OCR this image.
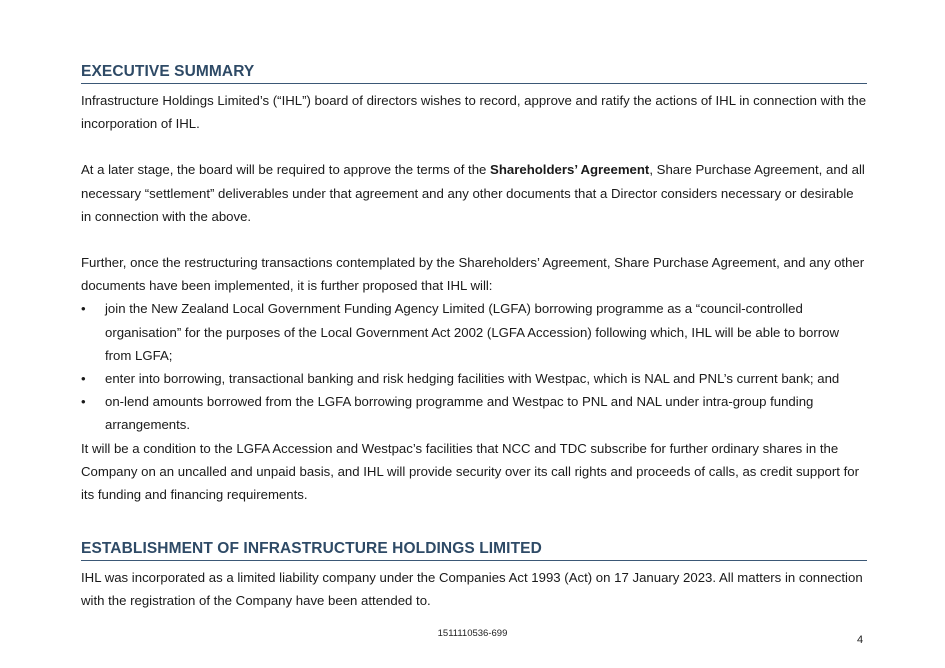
EXECUTIVE SUMMARY

Infrastructure Holdings Limited’s (“IHL”) board of directors wishes to record, approve and ratify the actions of IHL in connection with the incorporation of IHL.

At a later stage, the board will be required to approve the terms of the Shareholders’ Agreement, Share Purchase Agreement, and all necessary “settlement” deliverables under that agreement and any other documents that a Director considers necessary or desirable in connection with the above.

Further, once the restructuring transactions contemplated by the Shareholders’ Agreement, Share Purchase Agreement, and any other documents have been implemented, it is further proposed that IHL will:

•	join the New Zealand Local Government Funding Agency Limited (LGFA) borrowing programme as a “council-controlled organisation” for the purposes of the Local Government Act 2002 (LGFA Accession) following which, IHL will be able to borrow from LGFA;
•	enter into borrowing, transactional banking and risk hedging facilities with Westpac, which is NAL and PNL’s current bank; and
•	on-lend amounts borrowed from the LGFA borrowing programme and Westpac to PNL and NAL under intra-group funding arrangements.

It will be a condition to the LGFA Accession and Westpac’s facilities that NCC and TDC subscribe for further ordinary shares in the Company on an uncalled and unpaid basis, and IHL will provide security over its call rights and proceeds of calls, as credit support for its funding and financing requirements.

ESTABLISHMENT OF INFRASTRUCTURE HOLDINGS LIMITED

IHL was incorporated as a limited liability company under the Companies Act 1993 (Act) on 17 January 2023. All matters in connection with the registration of the Company have been attended to.

1511110536-699
4
